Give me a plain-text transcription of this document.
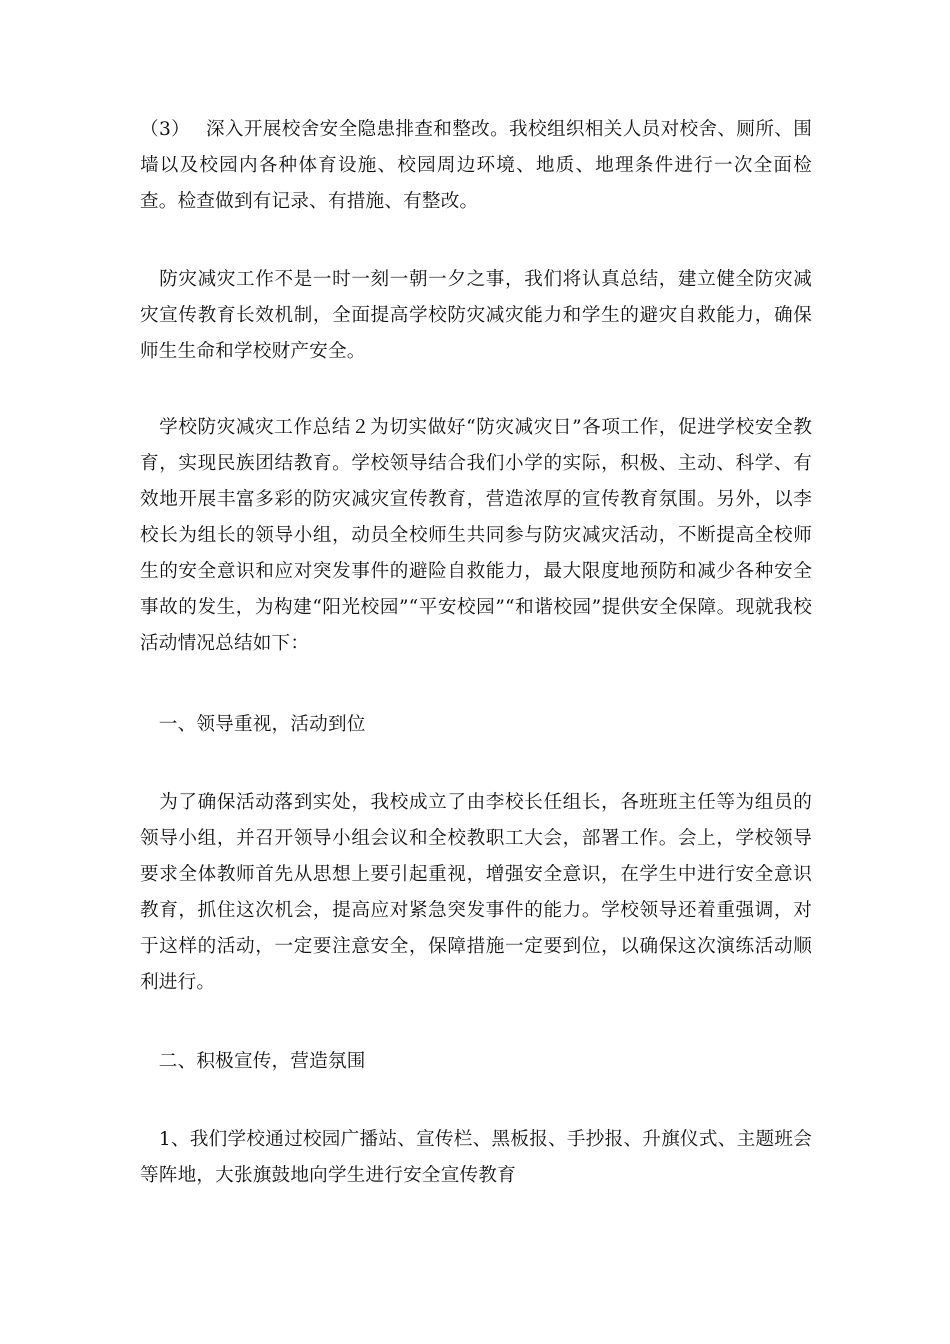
（3）　 深入开展校舍安全隐患排查和整改。我校组织相关人员对校舍、厕所、围墙以及校园内各种体育设施、校园周边环境、地质、地理条件进行一次全面检查。检查做到有记录、有措施、有整改。

　防灾减灾工作不是一时一刻一朝一夕之事，我们将认真总结，建立健全防灾减灾宣传教育长效机制，全面提高学校防灾减灾能力和学生的避灾自救能力，确保师生生命和学校财产安全。

　学校防灾减灾工作总结２为切实做好“防灾减灾日”各项工作，促进学校安全教育，实现民族团结教育。学校领导结合我们小学的实际，积极、主动、科学、有效地开展丰富多彩的防灾减灾宣传教育，营造浓厚的宣传教育氛围。另外，以李校长为组长的领导小组，动员全校师生共同参与防灾减灾活动，不断提高全校师生的安全意识和应对突发事件的避险自救能力，最大限度地预防和减少各种安全事故的发生，为构建“阳光校园”“平安校园”“和谐校园”提供安全保障。现就我校活动情况总结如下：

　一、领导重视，活动到位

　为了确保活动落到实处，我校成立了由李校长任组长，各班班主任等为组员的领导小组，并召开领导小组会议和全校教职工大会，部署工作。会上，学校领导要求全体教师首先从思想上要引起重视，增强安全意识，在学生中进行安全意识教育，抓住这次机会，提高应对紧急突发事件的能力。学校领导还着重强调，对于这样的活动，一定要注意安全，保障措施一定要到位，以确保这次演练活动顺利进行。

　二、积极宣传，营造氛围

　1、我们学校通过校园广播站、宣传栏、黑板报、手抄报、升旗仪式、主题班会等阵地，大张旗鼓地向学生进行安全宣传教育
